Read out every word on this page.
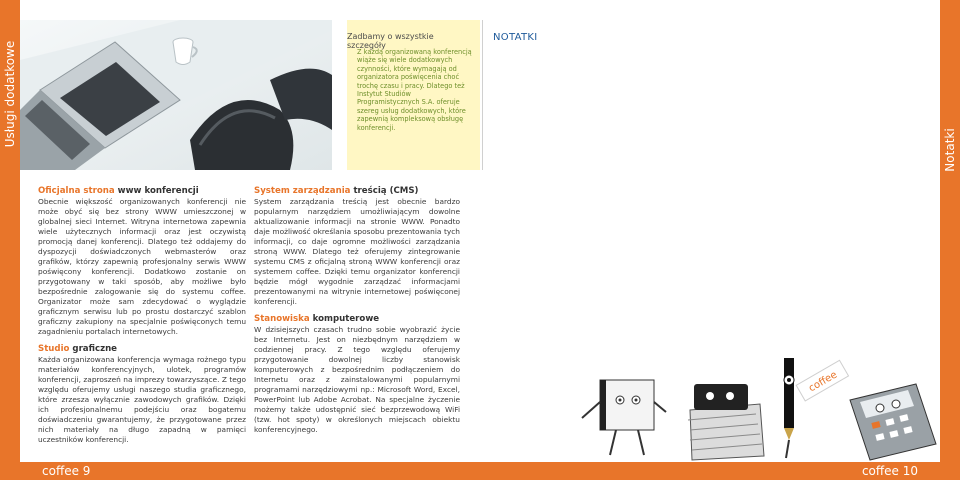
Usługi dodatkowe
Notatki
Zadbamy o wszystkie szczegóły
Z każdą organizowaną konferencją wiąże się wiele dodatkowych czynności, które wymagają od organizatora poświęcenia choć trochę czasu i pracy. Dlatego też Instytut Studiów Programistycznych S.A. oferuje szereg usług dodatkowych, które zapewnią kompleksową obsługę konferencji.
NOTATKI
Oficjalna strona www konferencji
Obecnie większość organizowanych konferencji nie może obyć się bez strony WWW umieszczonej w globalnej sieci Internet. Witryna internetowa zapewnia wiele użytecznych informacji oraz jest oczywistą promocją danej konferencji. Dlatego też oddajemy do dyspozycji doświadczonych webmasterów oraz grafików, którzy zapewnią profesjonalny serwis WWW poświęcony konferencji. Dodatkowo zostanie on przygotowany w taki sposób, aby możliwe było bezpośrednie zalogowanie się do systemu coffee. Organizator może sam zdecydować o wyglądzie graficznym serwisu lub po prostu dostarczyć szablon graficzny zakupiony na specjalnie poświęconych temu zagadnieniu portalach internetowych.
Studio graficzne
Każda organizowana konferencja wymaga rożnego typu materiałów konferencyjnych, ulotek, programów konferencji, zaproszeń na imprezy towarzyszące. Z tego względu oferujemy usługi naszego studia graficznego, które zrzesza wyłącznie zawodowych grafików. Dzięki ich profesjonalnemu podejściu oraz bogatemu doświadczeniu gwarantujemy, że przygotowane przez nich materiały na długo zapadną w pamięci uczestników konferencji.
System zarządzania treścią (CMS)
System zarządzania treścią jest obecnie bardzo popularnym narzędziem umożliwiającym dowolne aktualizowanie informacji na stronie WWW. Ponadto daje możliwość określania sposobu prezentowania tych informacji, co daje ogromne możliwości zarządzania stroną WWW. Dlatego też oferujemy zintegrowanie systemu CMS z oficjalną stroną WWW konferencji oraz systemem coffee. Dzięki temu organizator konferencji będzie mógł wygodnie zarządzać informacjami prezentowanymi na witrynie internetowej poświęconej konferencji.
Stanowiska komputerowe
W dzisiejszych czasach trudno sobie wyobrazić życie bez Internetu. Jest on niezbędnym narzędziem w codziennej pracy. Z tego względu oferujemy przygotowanie dowolnej liczby stanowisk komputerowych z bezpośrednim podłączeniem do Internetu oraz z zainstalowanymi popularnymi programami narzędziowymi np.: Microsoft Word, Excel, PowerPoint lub Adobe Acrobat. Na specjalne życzenie możemy także udostępnić sieć bezprzewodową WiFi (tzw. hot spoty) w określonych miejscach obiektu konferencyjnego.
coffee
coffee 9	coffee 10
